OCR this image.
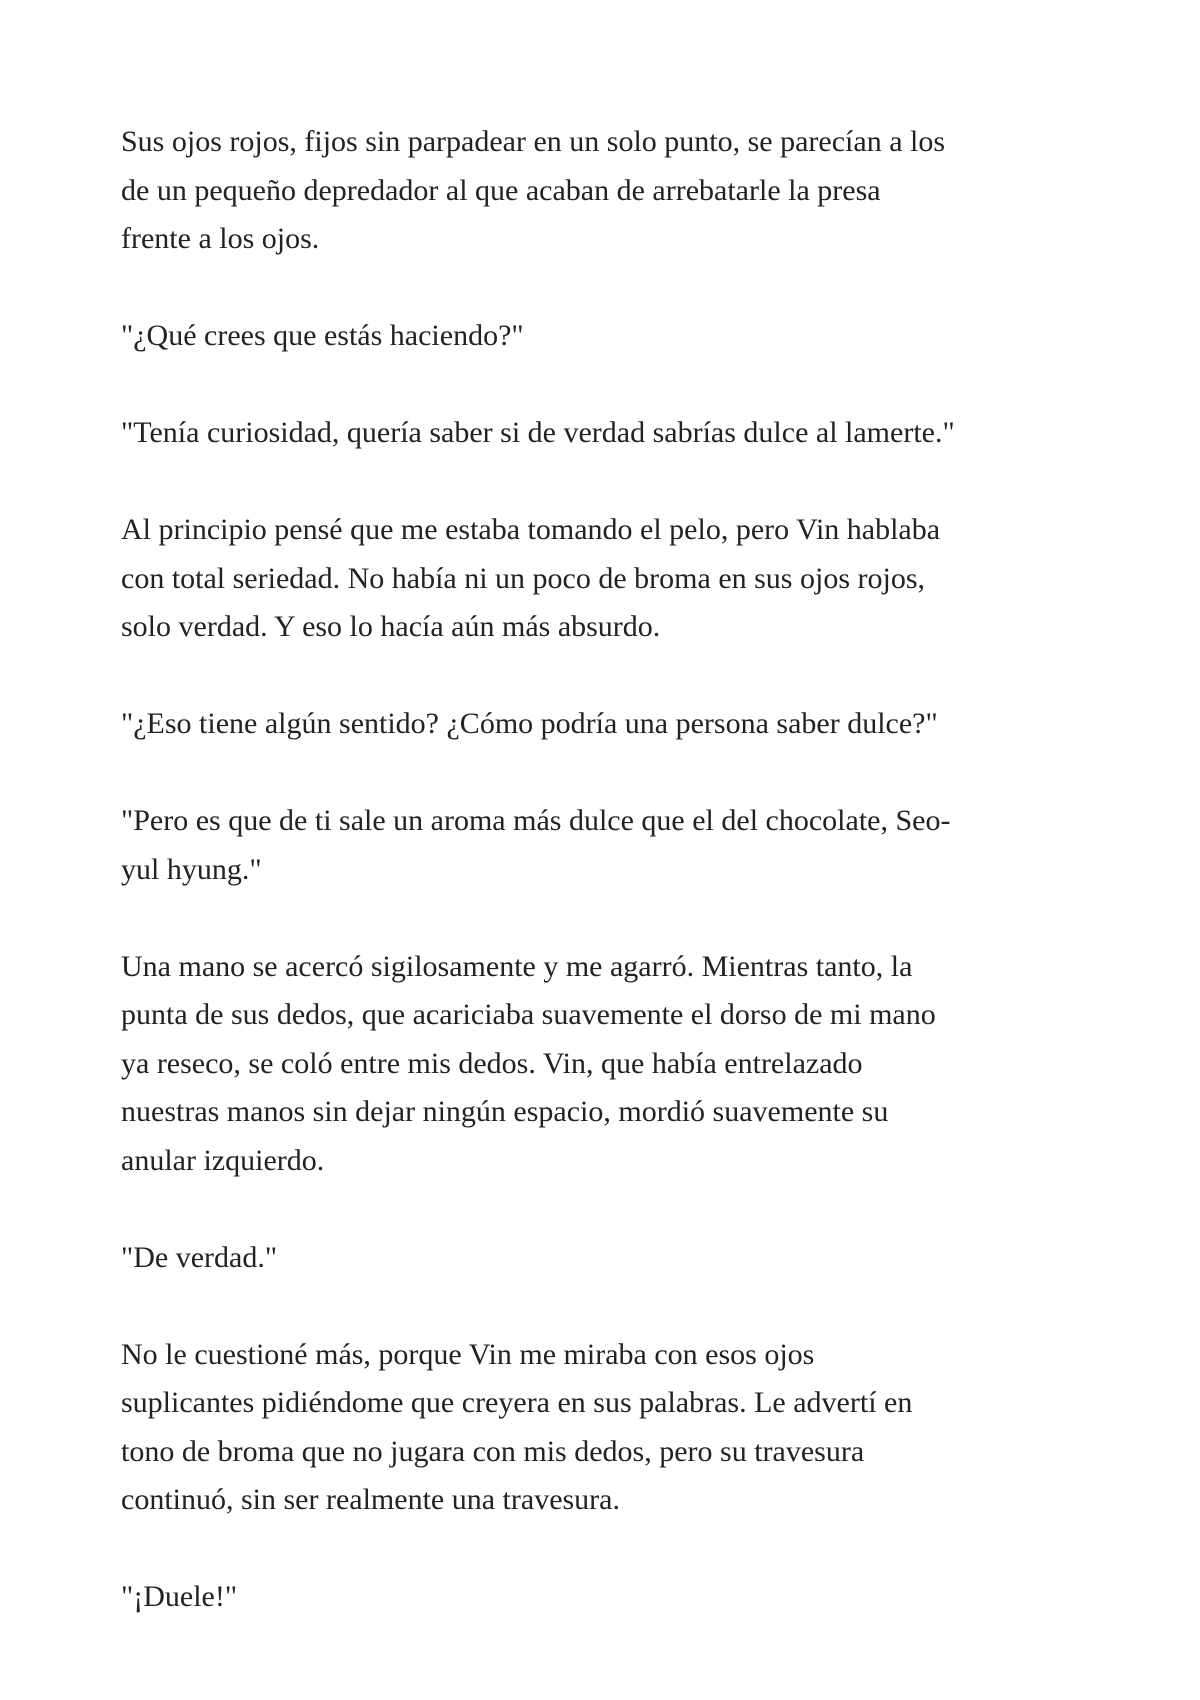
Sus ojos rojos, fijos sin parpadear en un solo punto, se parecían a los
de un pequeño depredador al que acaban de arrebatarle la presa
frente a los ojos.

"¿Qué crees que estás haciendo?"

"Tenía curiosidad, quería saber si de verdad sabrías dulce al lamerte."

Al principio pensé que me estaba tomando el pelo, pero Vin hablaba
con total seriedad. No había ni un poco de broma en sus ojos rojos,
solo verdad. Y eso lo hacía aún más absurdo.

"¿Eso tiene algún sentido? ¿Cómo podría una persona saber dulce?"

"Pero es que de ti sale un aroma más dulce que el del chocolate, Seo-
yul hyung."

Una mano se acercó sigilosamente y me agarró. Mientras tanto, la
punta de sus dedos, que acariciaba suavemente el dorso de mi mano
ya reseco, se coló entre mis dedos. Vin, que había entrelazado
nuestras manos sin dejar ningún espacio, mordió suavemente su
anular izquierdo.

"De verdad."

No le cuestioné más, porque Vin me miraba con esos ojos
suplicantes pidiéndome que creyera en sus palabras. Le advertí en
tono de broma que no jugara con mis dedos, pero su travesura
continuó, sin ser realmente una travesura.

"¡Duele!"
